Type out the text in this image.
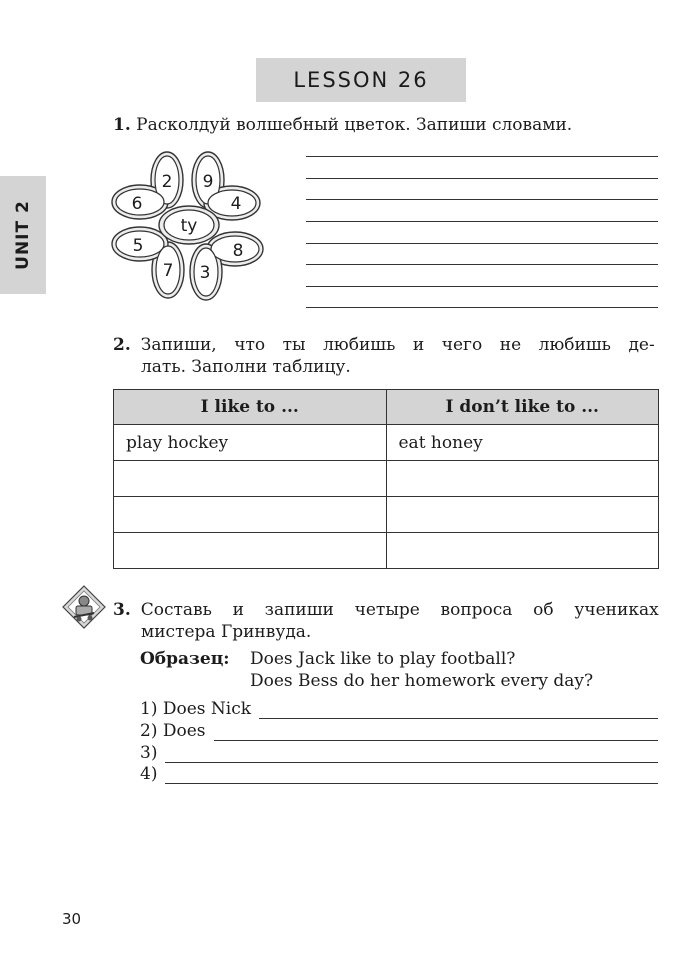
LESSON 26
UNIT 2
1. Расколдуй волшебный цветок. Запиши словами.
ty
2 9
4
8
3
7
5
6
2. Запиши, что ты любишь и чего не любишь де-
лать. Заполни таблицу.
I like to ...	I don’t like to ...
play hockey	eat honey

3. Составь и запиши четыре вопроса об учениках
мистера Гринвуда.
Образец:	Does Jack like to play football?
Does Bess do her homework every day?
1) Does Nick
2) Does
3)
4)
30
